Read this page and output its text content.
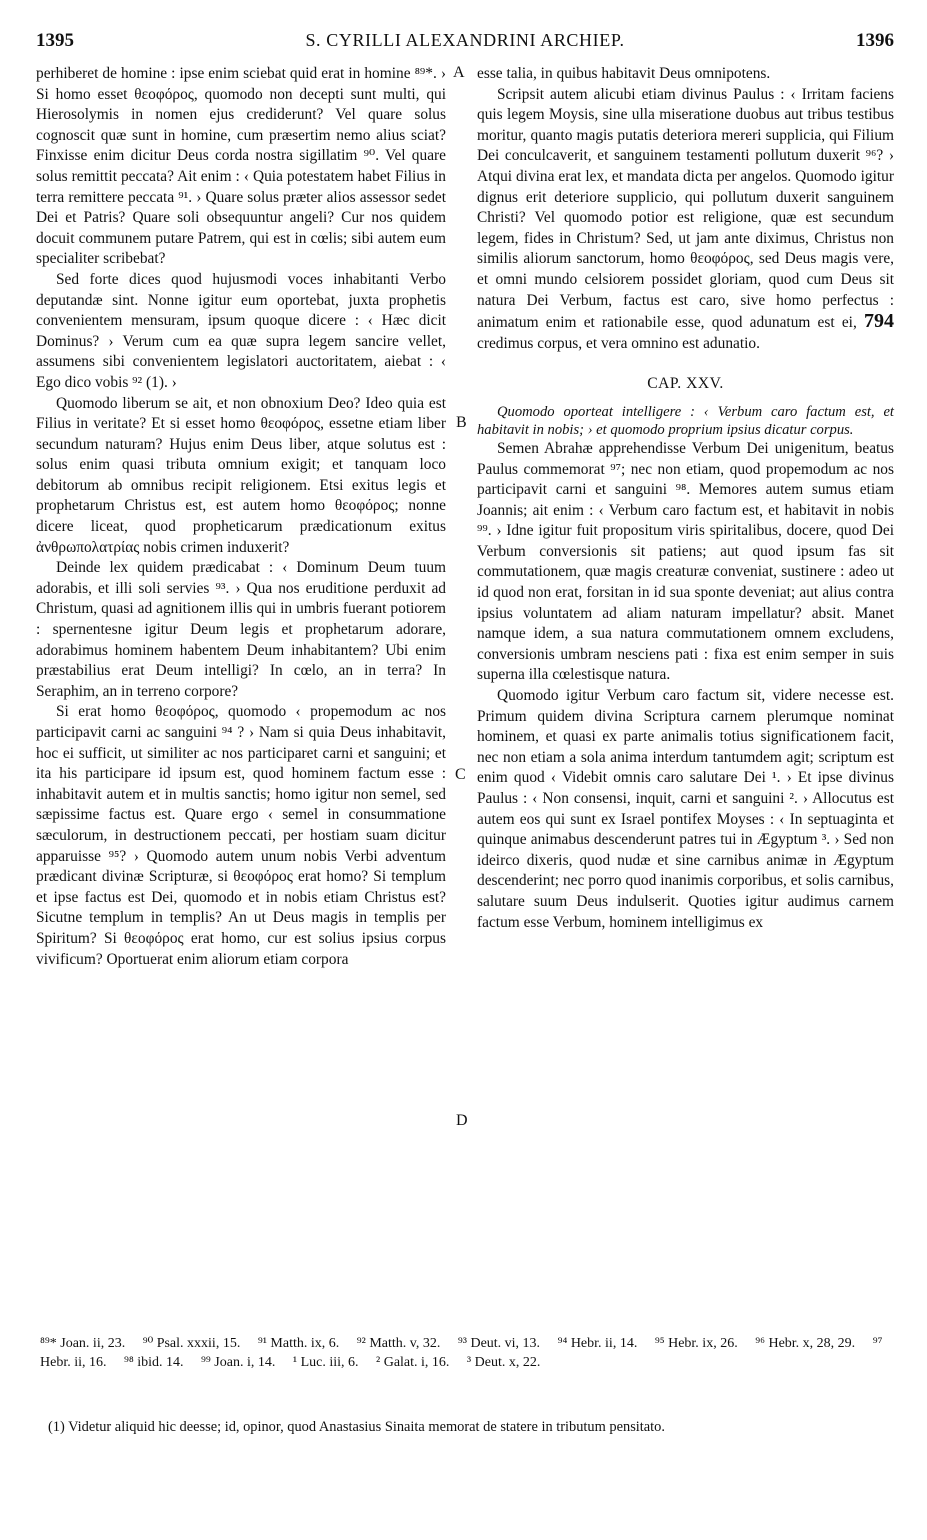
1395	S. CYRILLI ALEXANDRINI ARCHIEP.	1396

perhiberet de homine : ipse enim sciebat quid erat in homine ⁸⁹*. › Si homo esset θεοφόρος, quomodo non decepti sunt multi, qui Hierosolymis in nomen ejus crediderunt? Vel quare solus cognoscit quæ sunt in homine, cum præsertim nemo alius sciat? Finxisse enim dicitur Deus corda nostra sigillatim ⁹⁰. Vel quare solus remittit peccata? Ait enim : ‹ Quia potestatem habet Filius in terra remittere peccata ⁹¹. › Quare solus præter alios assessor sedet Dei et Patris? Quare soli obsequuntur angeli? Cur nos quidem docuit communem putare Patrem, qui est in cœlis; sibi autem eum specialiter scribebat?

Sed forte dices quod hujusmodi voces inhabitanti Verbo deputandæ sint. Nonne igitur eum oportebat, juxta prophetis convenientem mensuram, ipsum quoque dicere : ‹ Hæc dicit Dominus? › Verum cum ea quæ supra legem sancire vellet, assumens sibi convenientem legislatori auctoritatem, aiebat : ‹ Ego dico vobis ⁹² (1). ›

Quomodo liberum se ait, et non obnoxium Deo? Ideo quia est Filius in veritate? Et si esset homo θεοφόρος, essetne etiam liber secundum naturam? Hujus enim Deus liber, atque solutus est : solus enim quasi tributa omnium exigit; et tanquam loco debitorum ab omnibus recipit religionem. Etsi exitus legis et prophetarum Christus est, est autem homo θεοφόρος; nonne dicere liceat, quod propheticarum prædicationum exitus ἀνθρωπολατρίας nobis crimen induxerit?

Deinde lex quidem prædicabat : ‹ Dominum Deum tuum adorabis, et illi soli servies ⁹³. › Qua nos eruditione perduxit ad Christum, quasi ad agnitionem illis qui in umbris fuerant potiorem : spernentesne igitur Deum legis et prophetarum adorare, adorabimus hominem habentem Deum inhabitantem? Ubi enim præstabilius erat Deum intelligi? In cœlo, an in terra? In Seraphim, an in terreno corpore?

Si erat homo θεοφόρος, quomodo ‹ propemodum ac nos participavit carni ac sanguini ⁹⁴ ? › Nam si quia Deus inhabitavit, hoc ei sufficit, ut similiter ac nos participaret carni et sanguini; et ita his participare id ipsum est, quod hominem factum esse : inhabitavit autem et in multis sanctis; homo igitur non semel, sed sæpissime factus est. Quare ergo ‹ semel in consummatione sæculorum, in destructionem peccati, per hostiam suam dicitur apparuisse ⁹⁵? › Quomodo autem unum nobis Verbi adventum prædicant divinæ Scripturæ, si θεοφόρος erat homo? Si templum et ipse factus est Dei, quomodo et in nobis etiam Christus est? Sicutne templum in templis? An ut Deus magis in templis per Spiritum? Si θεοφόρος erat homo, cur est solius ipsius corpus vivificum? Oportuerat enim aliorum etiam corpora

A
B
C
D

esse talia, in quibus habitavit Deus omnipotens.

Scripsit autem alicubi etiam divinus Paulus : ‹ Irritam faciens quis legem Moysis, sine ulla miseratione duobus aut tribus testibus moritur, quanto magis putatis deteriora mereri supplicia, qui Filium Dei conculcaverit, et sanguinem testamenti pollutum duxerit ⁹⁶? › Atqui divina erat lex, et mandata dicta per angelos. Quomodo igitur dignus erit deteriore supplicio, qui pollutum duxerit sanguinem Christi? Vel quomodo potior est religione, quæ est secundum legem, fides in Christum? Sed, ut jam ante diximus, Christus non similis aliorum sanctorum, homo θεοφόρος, sed Deus magis vere, et omni mundo celsiorem possidet gloriam, quod cum Deus sit natura Dei Verbum, factus est caro, sive homo perfectus : animatum enim et rationabile esse, quod adunatum est ei, 794 credimus corpus, et vera omnino est adunatio.

CAP. XXV.

Quomodo oporteat intelligere : ‹ Verbum caro factum est, et habitavit in nobis; › et quomodo proprium ipsius dicatur corpus.

Semen Abrahæ apprehendisse Verbum Dei unigenitum, beatus Paulus commemorat ⁹⁷; nec non etiam, quod propemodum ac nos participavit carni et sanguini ⁹⁸. Memores autem sumus etiam Joannis; ait enim : ‹ Verbum caro factum est, et habitavit in nobis ⁹⁹. › Idne igitur fuit propositum viris spiritalibus, docere, quod Dei Verbum conversionis sit patiens; aut quod ipsum fas sit commutationem, quæ magis creaturæ conveniat, sustinere : adeo ut id quod non erat, forsitan in id sua sponte deveniat; aut alius contra ipsius voluntatem ad aliam naturam impellatur? absit. Manet namque idem, a sua natura commutationem omnem excludens, conversionis umbram nesciens pati : fixa est enim semper in suis superna illa cœlestisque natura.

Quomodo igitur Verbum caro factum sit, videre necesse est. Primum quidem divina Scriptura carnem plerumque nominat hominem, et quasi ex parte animalis totius significationem facit, nec non etiam a sola anima interdum tantumdem agit; scriptum est enim quod ‹ Videbit omnis caro salutare Dei ¹. › Et ipse divinus Paulus : ‹ Non consensi, inquit, carni et sanguini ². › Allocutus est autem eos qui sunt ex Israel pontifex Moyses : ‹ In septuaginta et quinque animabus descenderunt patres tui in Ægyptum ³. › Sed non ideirco dixeris, quod nudæ et sine carnibus animæ in Ægyptum descenderint; nec porro quod inanimis corporibus, et solis carnibus, salutare suum Deus indulserit. Quoties igitur audimus carnem factum esse Verbum, hominem intelligimus ex

⁸⁹* Joan. ii, 23. ⁹⁰ Psal. xxxii, 15. ⁹¹ Matth. ix, 6. ⁹² Matth. v, 32. ⁹³ Deut. vi, 13. ⁹⁴ Hebr. ii, 14. ⁹⁵ Hebr. ix, 26. ⁹⁶ Hebr. x, 28, 29. ⁹⁷ Hebr. ii, 16. ⁹⁸ ibid. 14. ⁹⁹ Joan. i, 14. ¹ Luc. iii, 6. ² Galat. i, 16. ³ Deut. x, 22.
(1) Videtur aliquid hic deesse; id, opinor, quod Anastasius Sinaita memorat de statere in tributum pensitato.
